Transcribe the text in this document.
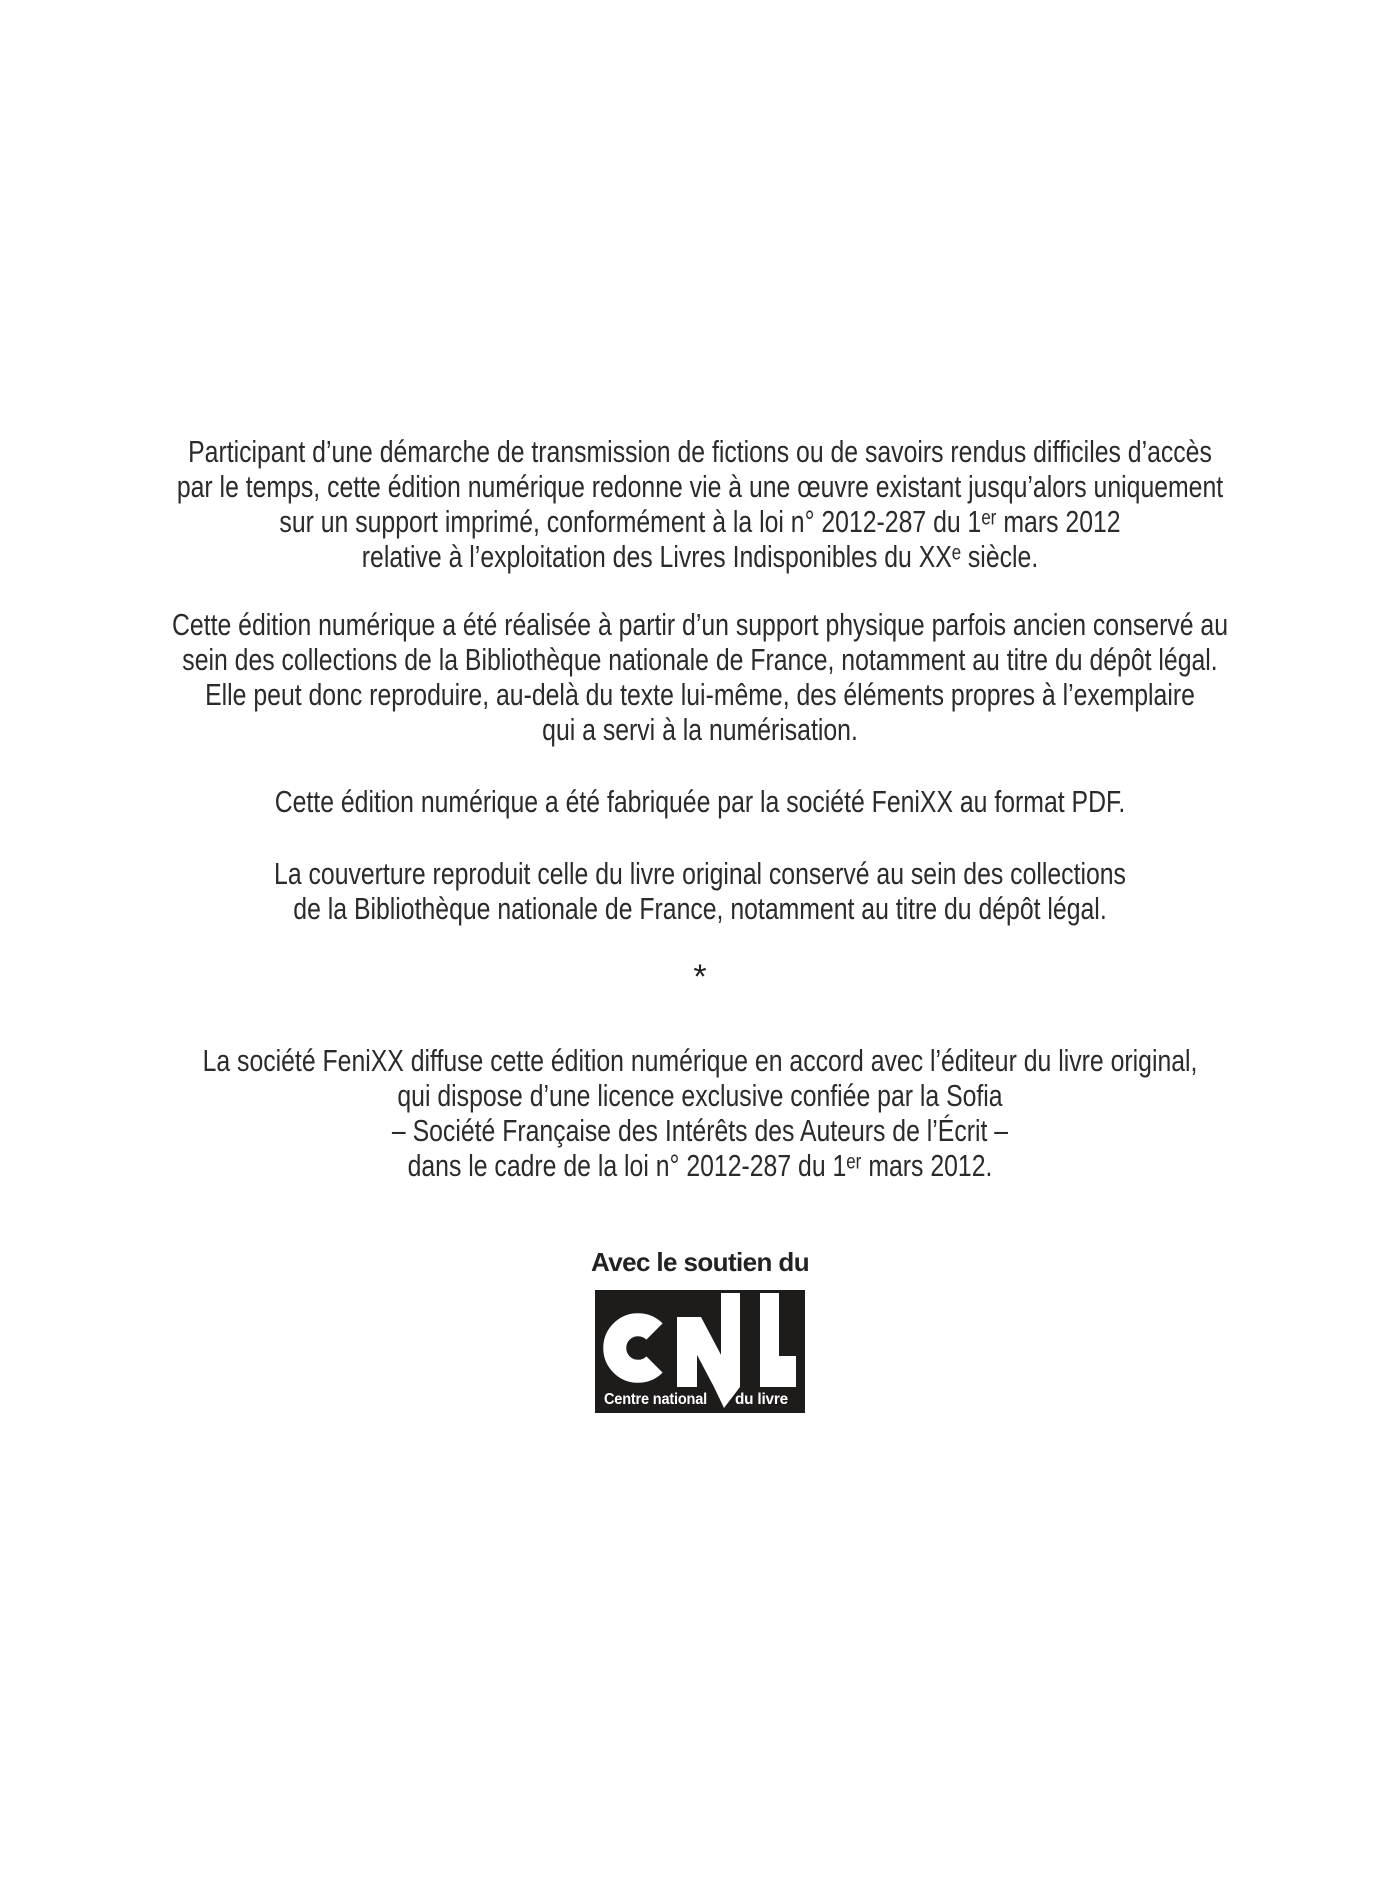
Participant d’une démarche de transmission de fictions ou de savoirs rendus difficiles d’accès
par le temps, cette édition numérique redonne vie à une œuvre existant jusqu’alors uniquement
sur un support imprimé, conformément à la loi n° 2012-287 du 1ᵉʳ mars 2012
relative à l’exploitation des Livres Indisponibles du XXᵉ siècle.
Cette édition numérique a été réalisée à partir d’un support physique parfois ancien conservé au
sein des collections de la Bibliothèque nationale de France, notamment au titre du dépôt légal.
Elle peut donc reproduire, au-delà du texte lui-même, des éléments propres à l’exemplaire
qui a servi à la numérisation.
Cette édition numérique a été fabriquée par la société FeniXX au format PDF.
La couverture reproduit celle du livre original conservé au sein des collections
de la Bibliothèque nationale de France, notamment au titre du dépôt légal.
*
La société FeniXX diffuse cette édition numérique en accord avec l’éditeur du livre original,
qui dispose d’une licence exclusive confiée par la Sofia
– Société Française des Intérêts des Auteurs de l’Écrit –
dans le cadre de la loi n° 2012-287 du 1ᵉʳ mars 2012.
Avec le soutien du
Centre national du livre
